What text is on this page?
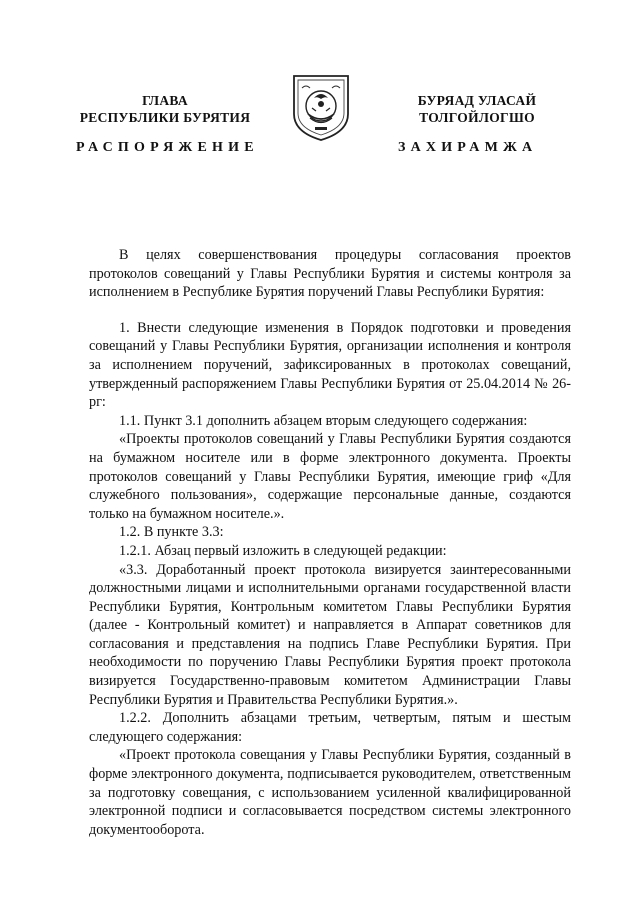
ГЛАВА
РЕСПУБЛИКИ БУРЯТИЯ
БУРЯАД УЛАСАЙ
ТОЛГОЙЛОГШО
РАСПОРЯЖЕНИЕ	ЗАХИРАМЖА

В целях совершенствования процедуры согласования проектов протоколов совещаний у Главы Республики Бурятия и системы контроля за исполнением в Республике Бурятия поручений Главы Республики Бурятия:

1. Внести следующие изменения в Порядок подготовки и проведения совещаний у Главы Республики Бурятия, организации исполнения и контроля за исполнением поручений, зафиксированных в протоколах совещаний, утвержденный распоряжением Главы Республики Бурятия от 25.04.2014 № 26-рг:

1.1. Пункт 3.1 дополнить абзацем вторым следующего содержания:

«Проекты протоколов совещаний у Главы Республики Бурятия создаются на бумажном носителе или в форме электронного документа. Проекты протоколов совещаний у Главы Республики Бурятия, имеющие гриф «Для служебного пользования», содержащие персональные данные, создаются только на бумажном носителе.».

1.2. В пункте 3.3:

1.2.1. Абзац первый изложить в следующей редакции:

«3.3. Доработанный проект протокола визируется заинтересованными должностными лицами и исполнительными органами государственной власти Республики Бурятия, Контрольным комитетом Главы Республики Бурятия (далее - Контрольный комитет) и направляется в Аппарат советников для согласования и представления на подпись Главе Республики Бурятия. При необходимости по поручению Главы Республики Бурятия проект протокола визируется Государственно-правовым комитетом Администрации Главы Республики Бурятия и Правительства Республики Бурятия.».

1.2.2. Дополнить абзацами третьим, четвертым, пятым и шестым следующего содержания:

«Проект протокола совещания у Главы Республики Бурятия, созданный в форме электронного документа, подписывается руководителем, ответственным за подготовку совещания, с использованием усиленной квалифицированной электронной подписи и согласовывается посредством системы электронного документооборота.
